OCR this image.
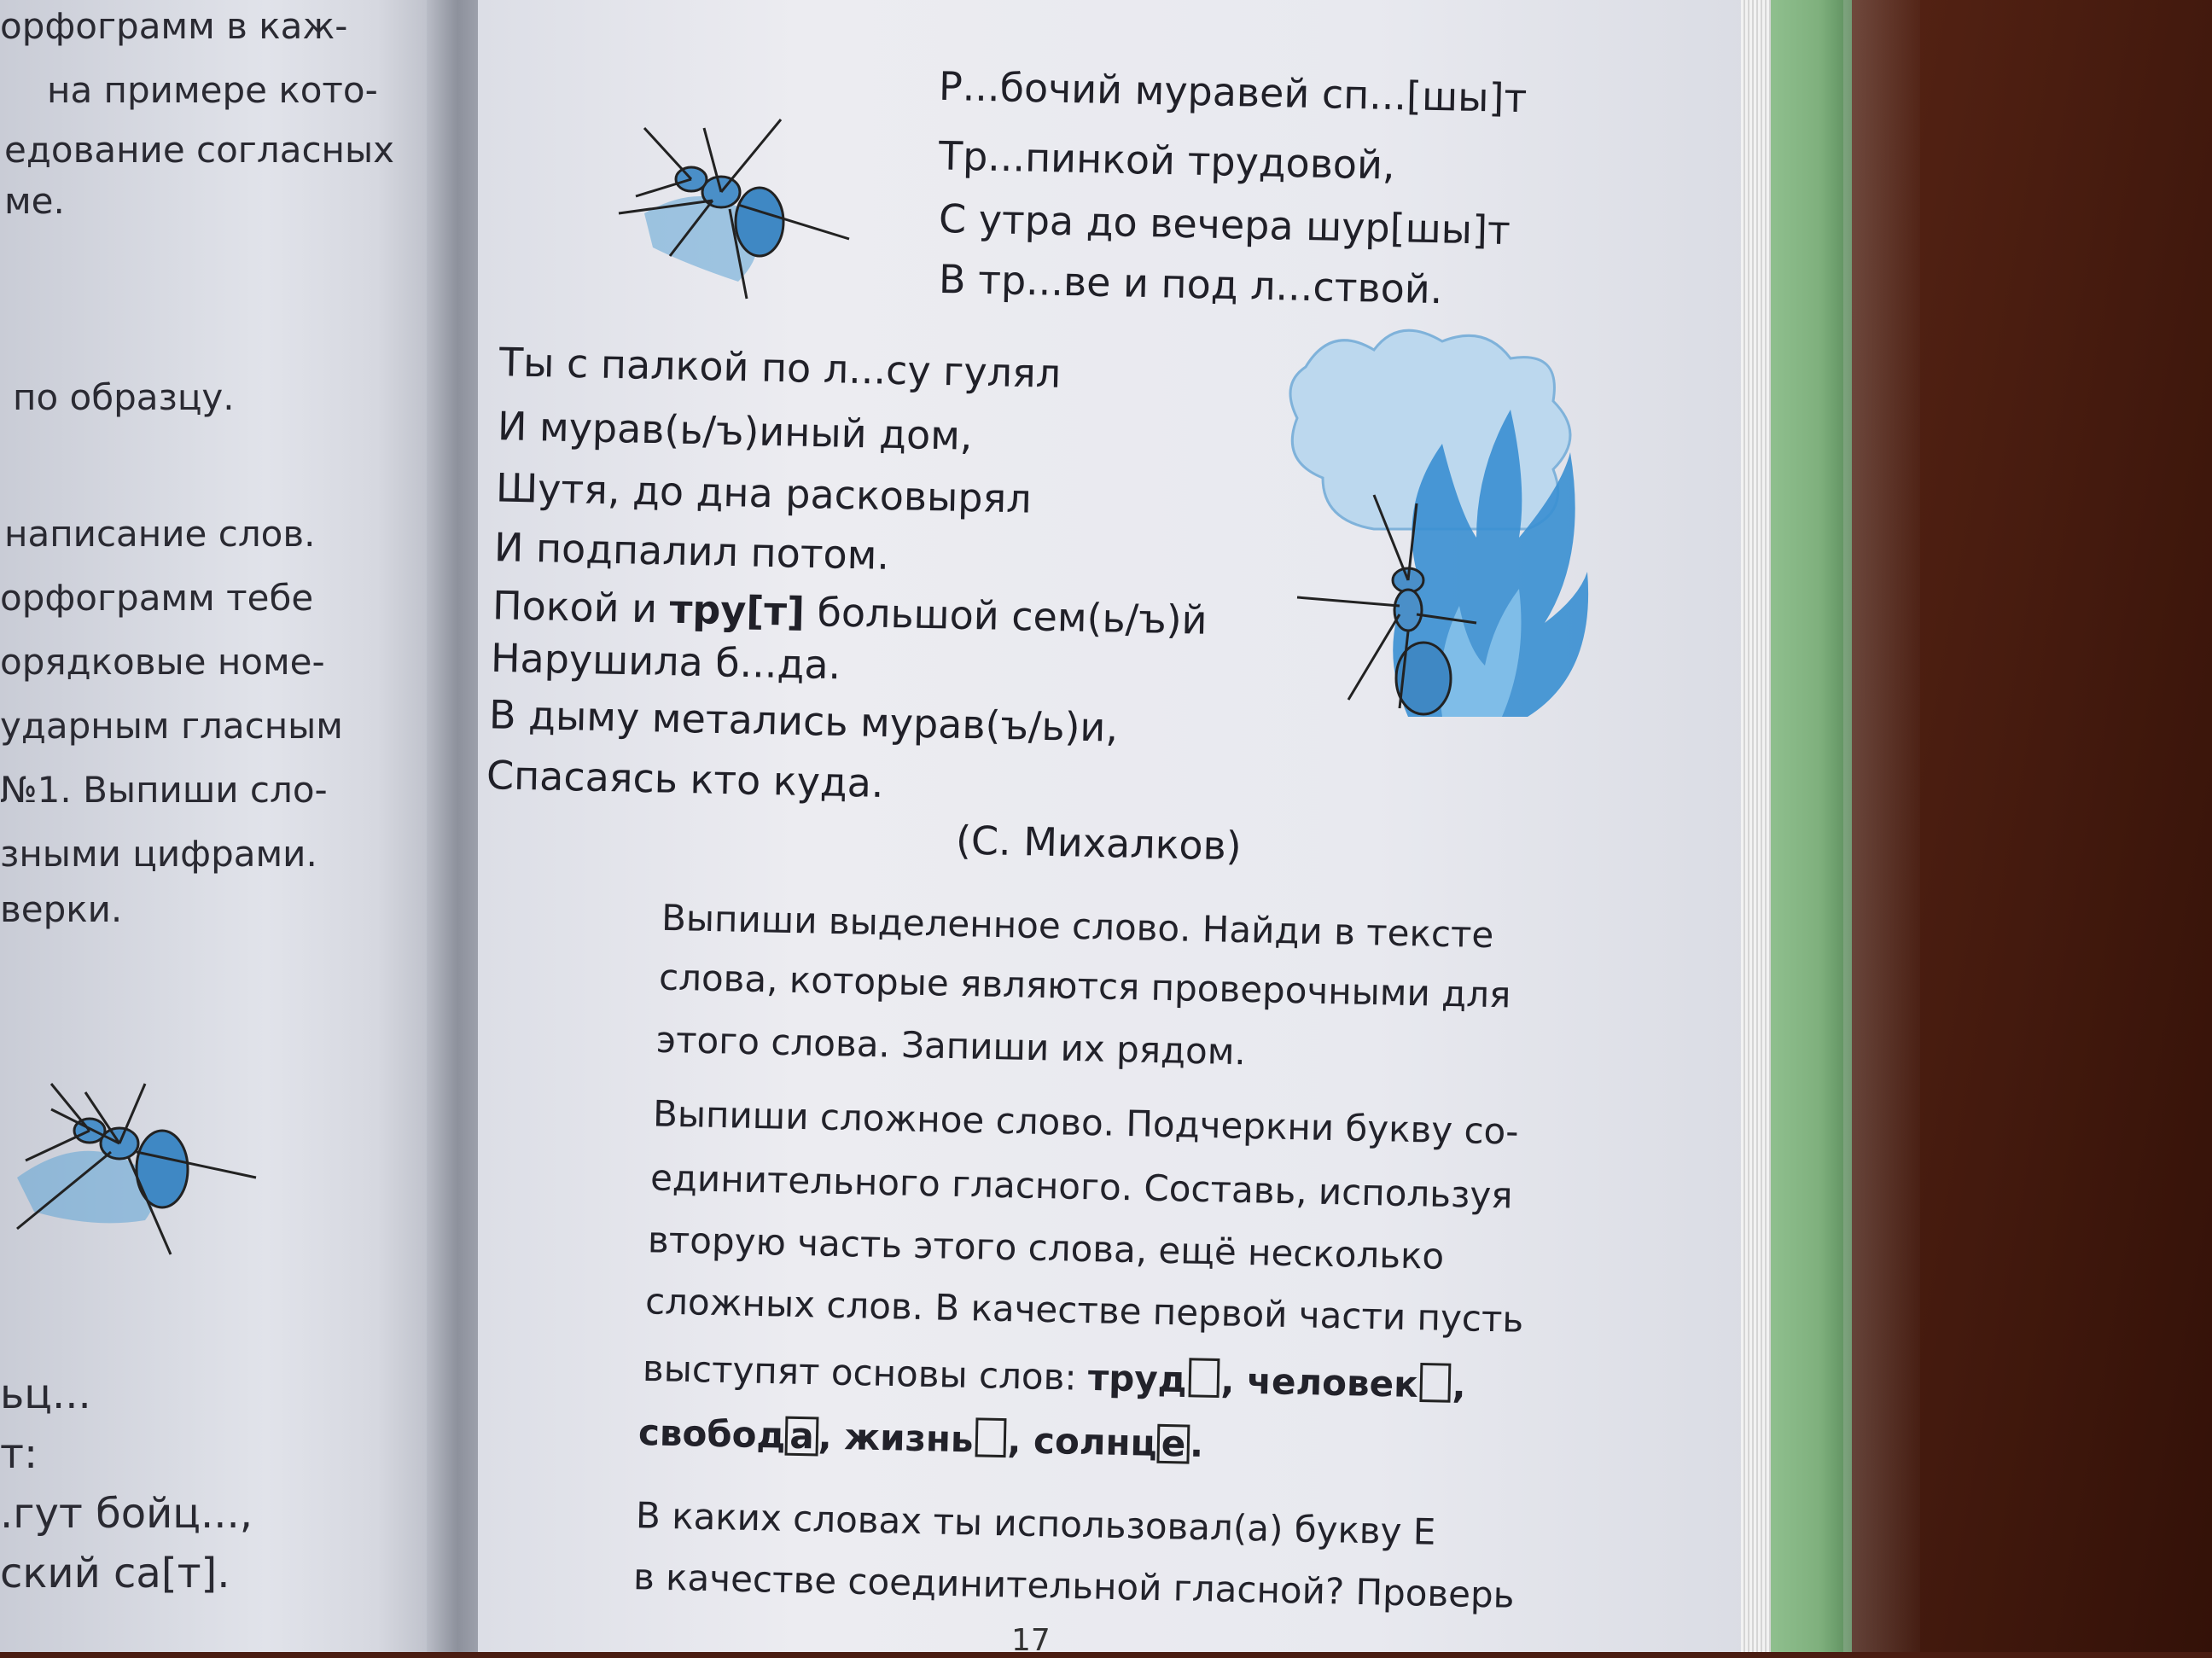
орфограмм в каж-
на примере кото-
едование согласных
ме.
по образцу.
написание слов.
орфограмм тебе
орядковые номе-
ударным гласным
№1. Выпиши сло-
зными цифрами.
верки.
ьц...
т:
.гут бойц...,
ский са[т].
Р...бочий муравей сп...[шы]т
Тр...пинкой трудовой,
С утра до вечера шур[шы]т
В тр...ве и под л...ствой.
Ты с палкой по л...су гулял
И мурав(ь/ъ)иный дом,
Шутя, до дна расковырял
И подпалил потом.
Покой и тру[т] большой сем(ь/ъ)й
Нарушила б...да.
В дыму метались мурав(ъ/ь)и,
Спасаясь кто куда.
(С. Михалков)
Выпиши выделенное слово. Найди в тексте
слова, которые являются проверочными для
этого слова. Запиши их рядом.
Выпиши сложное слово. Подчеркни букву со-
единительного гласного. Составь, используя
вторую часть этого слова, ещё несколько
сложных слов. В качестве первой части пусть
выступят основы слов: труд , человек ,
свобода, жизнь , солнце.
В каких словах ты использовал(а) букву Е
в качестве соединительной гласной? Проверь
17
